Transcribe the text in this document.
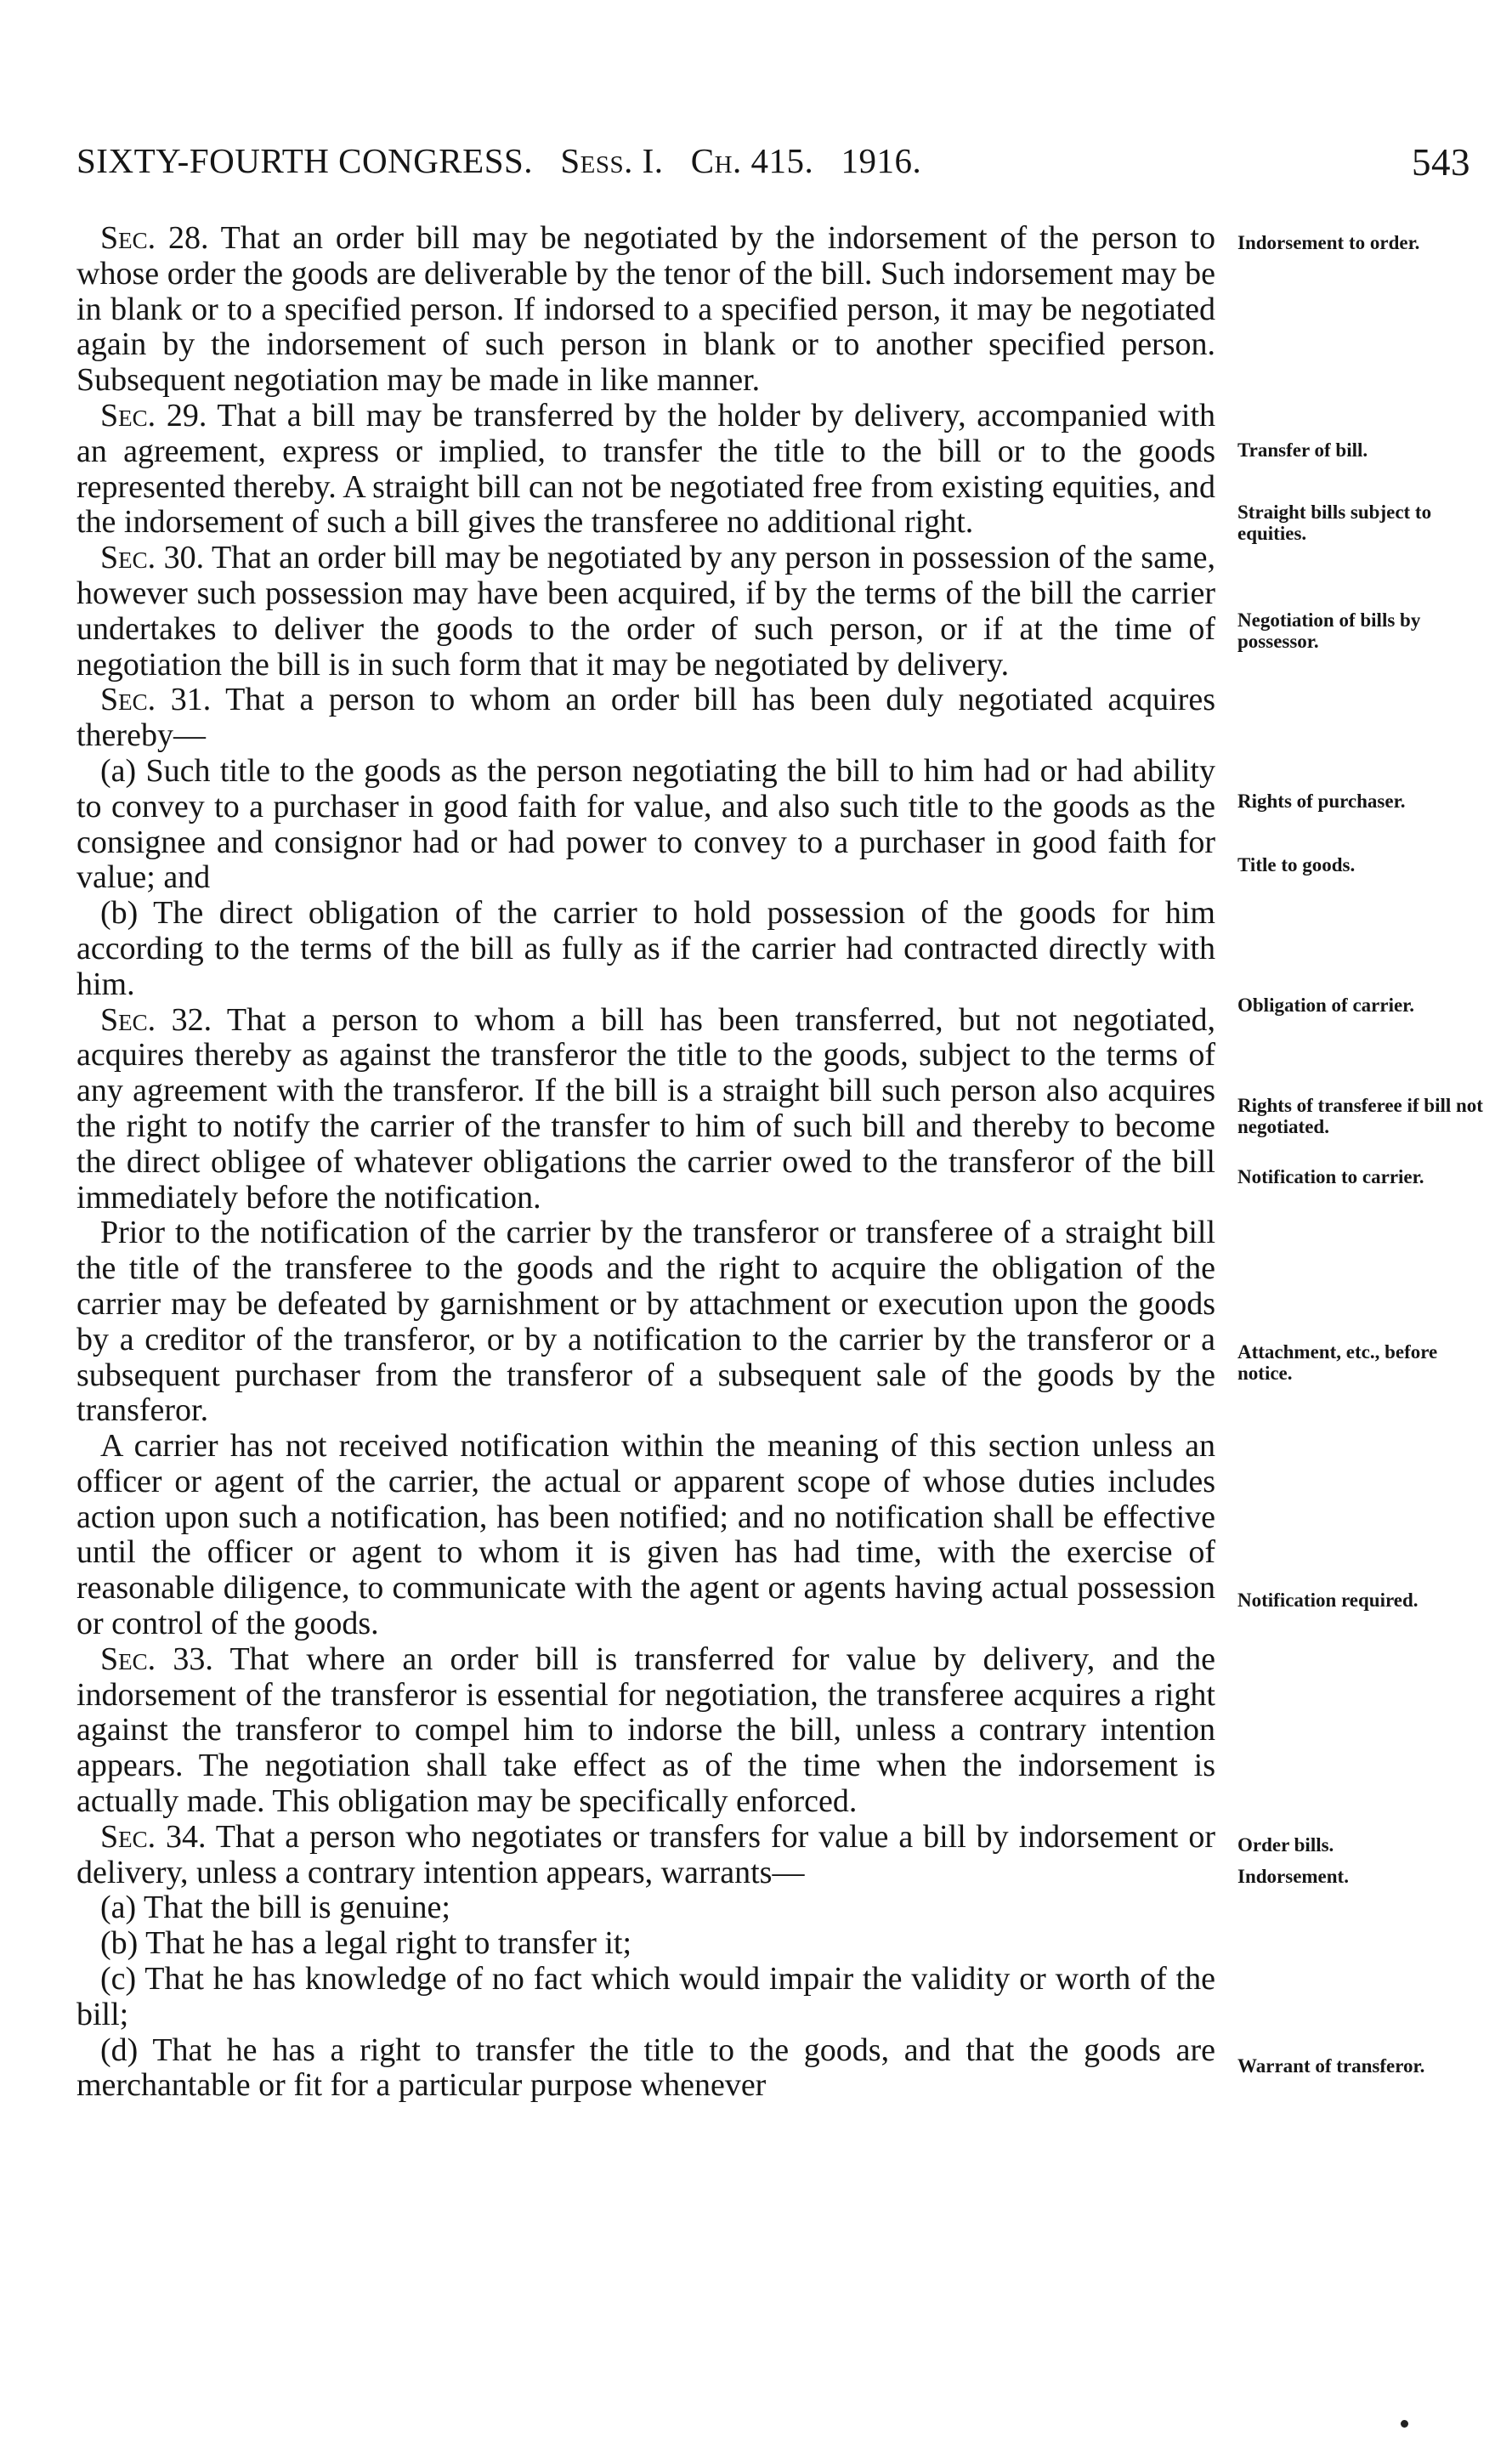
SIXTY-FOURTH CONGRESS. Sess. I. Ch. 415. 1916.	543

Sec. 28. That an order bill may be negotiated by the indorsement of the person to whose order the goods are deliverable by the tenor of the bill. Such indorsement may be in blank or to a specified person. If indorsed to a specified person, it may be negotiated again by the indorsement of such person in blank or to another specified person. Subsequent negotiation may be made in like manner.

Sec. 29. That a bill may be transferred by the holder by delivery, accompanied with an agreement, express or implied, to transfer the title to the bill or to the goods represented thereby. A straight bill can not be negotiated free from existing equities, and the indorsement of such a bill gives the transferee no additional right.

Sec. 30. That an order bill may be negotiated by any person in possession of the same, however such possession may have been acquired, if by the terms of the bill the carrier undertakes to deliver the goods to the order of such person, or if at the time of negotiation the bill is in such form that it may be negotiated by delivery.

Sec. 31. That a person to whom an order bill has been duly negotiated acquires thereby—

(a) Such title to the goods as the person negotiating the bill to him had or had ability to convey to a purchaser in good faith for value, and also such title to the goods as the consignee and consignor had or had power to convey to a purchaser in good faith for value; and

(b) The direct obligation of the carrier to hold possession of the goods for him according to the terms of the bill as fully as if the carrier had contracted directly with him.

Sec. 32. That a person to whom a bill has been transferred, but not negotiated, acquires thereby as against the transferor the title to the goods, subject to the terms of any agreement with the transferor. If the bill is a straight bill such person also acquires the right to notify the carrier of the transfer to him of such bill and thereby to become the direct obligee of whatever obligations the carrier owed to the transferor of the bill immediately before the notification.

Prior to the notification of the carrier by the transferor or transferee of a straight bill the title of the transferee to the goods and the right to acquire the obligation of the carrier may be defeated by garnishment or by attachment or execution upon the goods by a creditor of the transferor, or by a notification to the carrier by the transferor or a subsequent purchaser from the transferor of a subsequent sale of the goods by the transferor.

A carrier has not received notification within the meaning of this section unless an officer or agent of the carrier, the actual or apparent scope of whose duties includes action upon such a notification, has been notified; and no notification shall be effective until the officer or agent to whom it is given has had time, with the exercise of reasonable diligence, to communicate with the agent or agents having actual possession or control of the goods.

Sec. 33. That where an order bill is transferred for value by delivery, and the indorsement of the transferor is essential for negotiation, the transferee acquires a right against the transferor to compel him to indorse the bill, unless a contrary intention appears. The negotiation shall take effect as of the time when the indorsement is actually made. This obligation may be specifically enforced.

Sec. 34. That a person who negotiates or transfers for value a bill by indorsement or delivery, unless a contrary intention appears, warrants—

(a) That the bill is genuine;

(b) That he has a legal right to transfer it;

(c) That he has knowledge of no fact which would impair the validity or worth of the bill;

(d) That he has a right to transfer the title to the goods, and that the goods are merchantable or fit for a particular purpose whenever

Indorsement to order.
Transfer of bill.
Straight bills subject to equities.
Negotiation of bills by possessor.
Rights of purchaser.
Title to goods.
Obligation of carrier.
Rights of transferee if bill not negotiated.
Notification to carrier.
Attachment, etc., before notice.
Notification required.
Order bills.
Indorsement.
Warrant of transferor.
